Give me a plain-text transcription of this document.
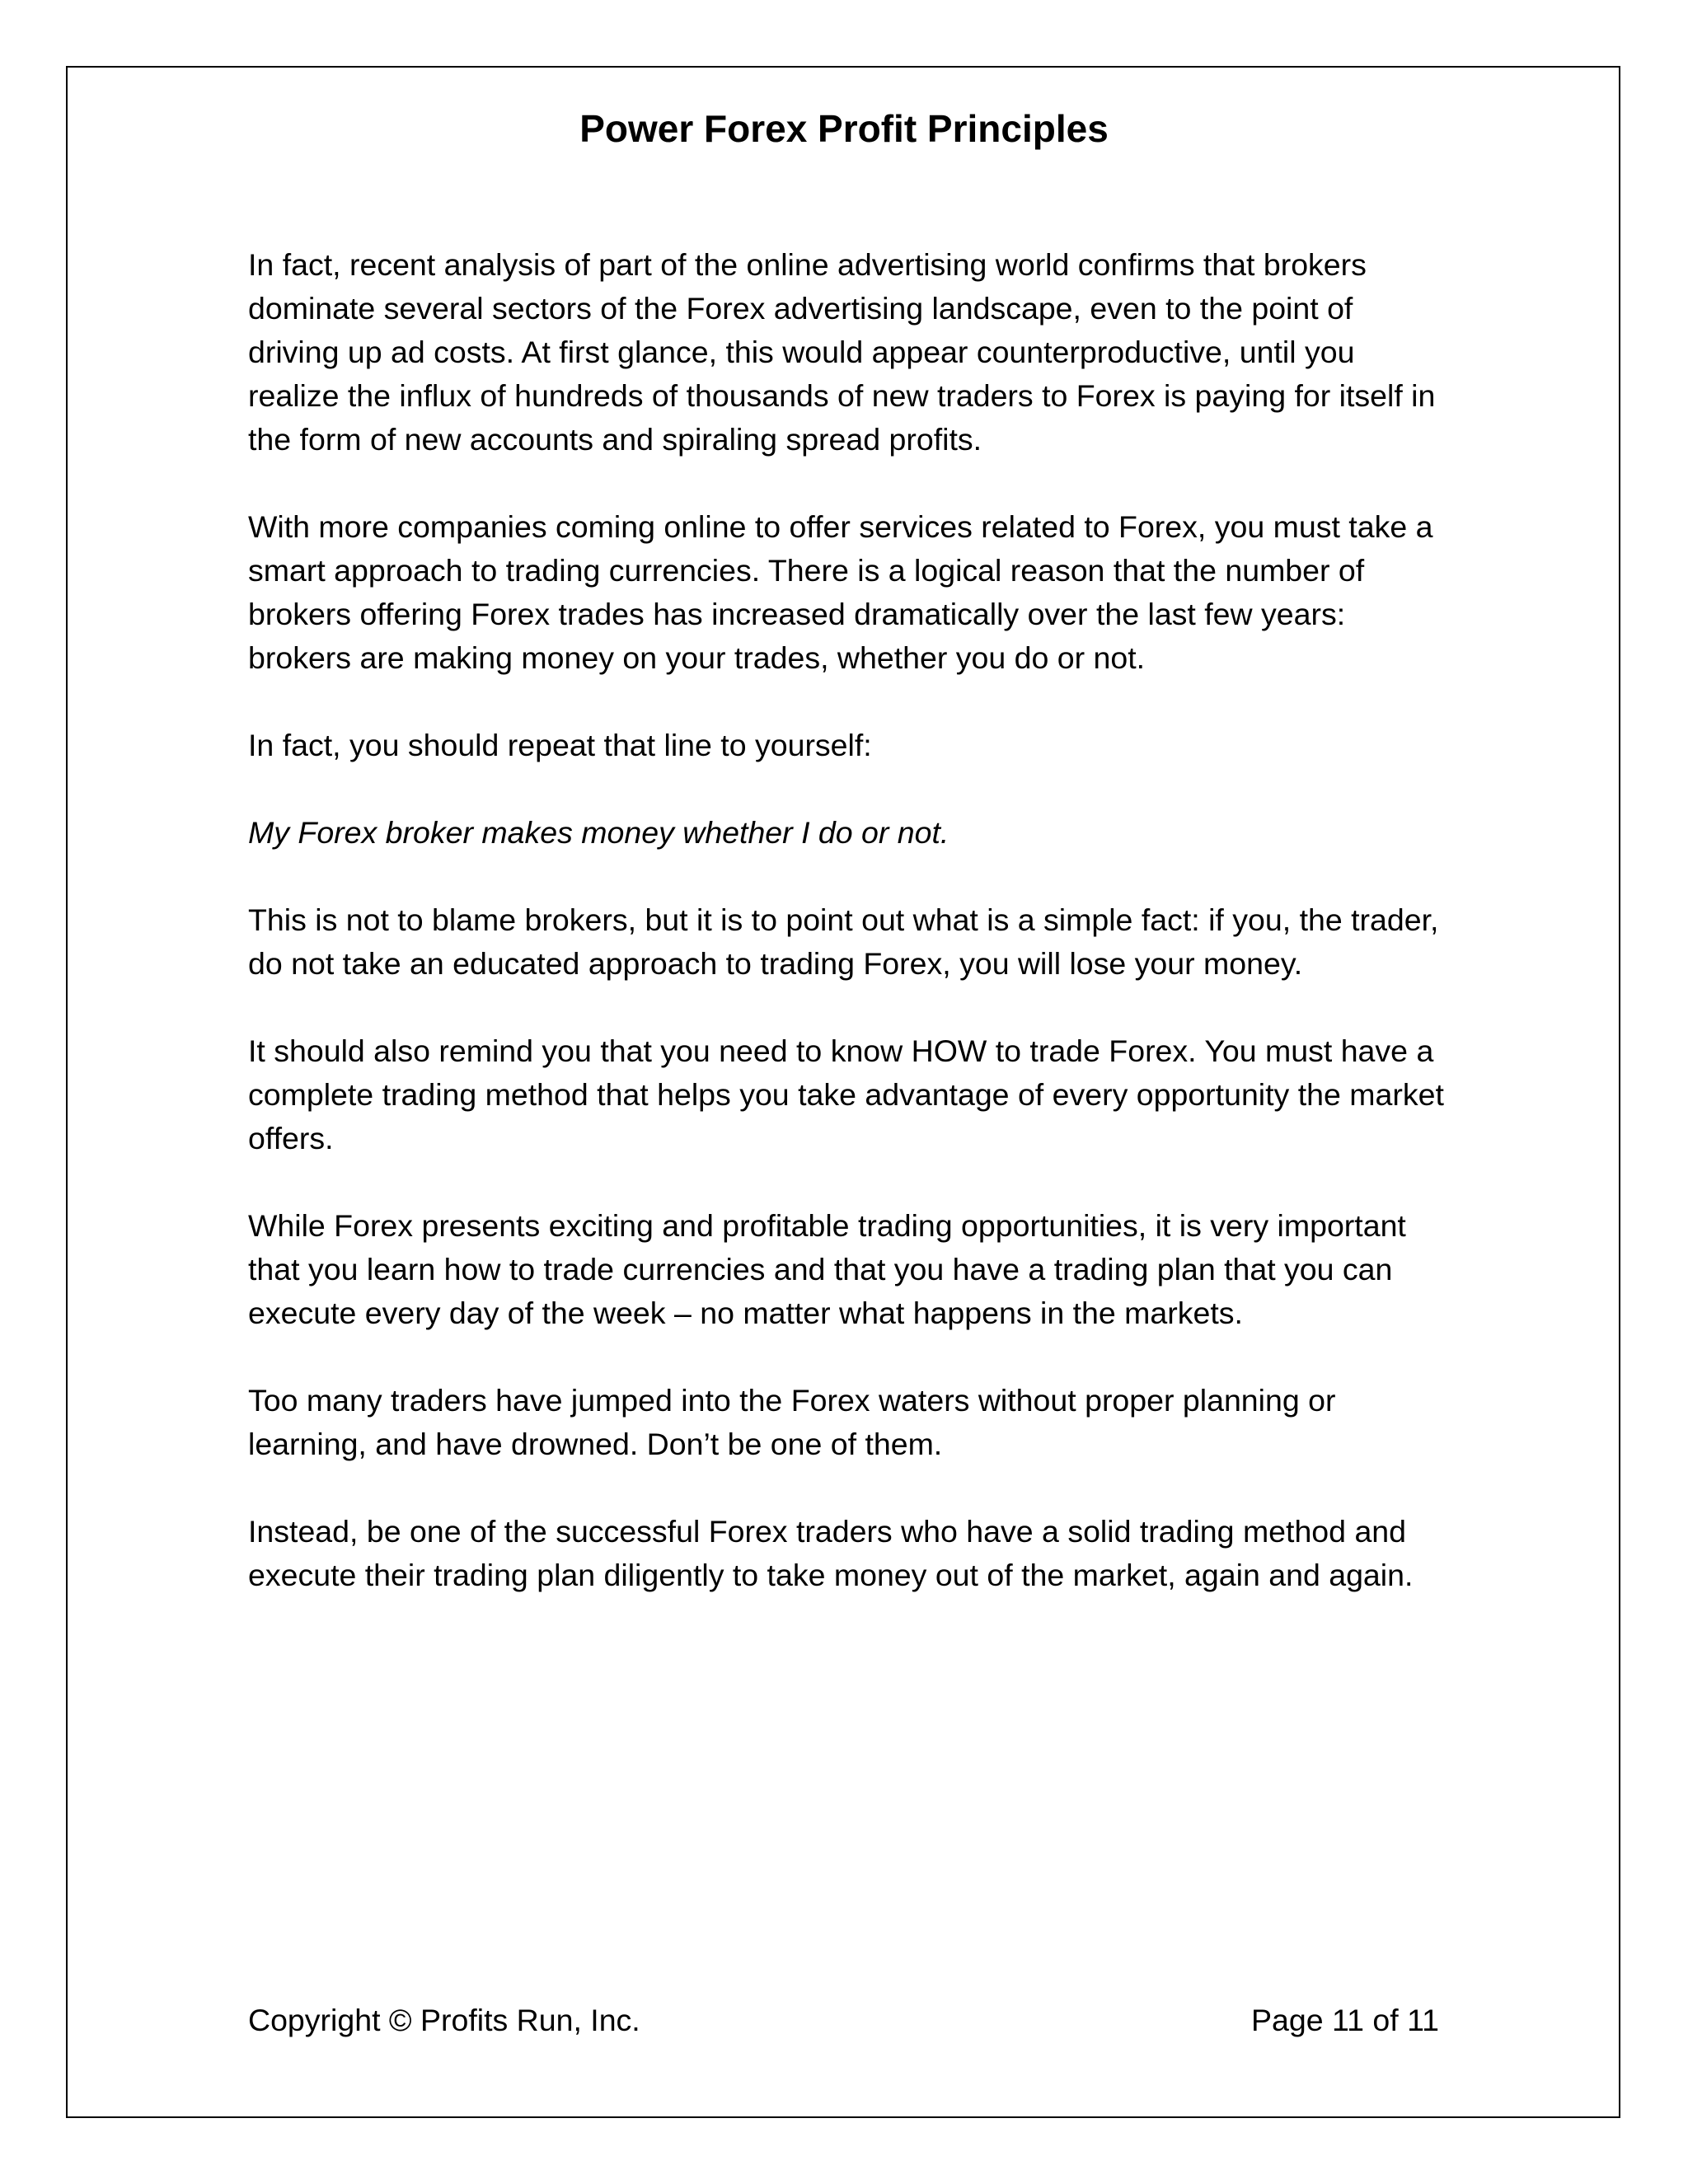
Power Forex Profit Principles

In fact, recent analysis of part of the online advertising world confirms that brokers dominate several sectors of the Forex advertising landscape, even to the point of driving up ad costs. At first glance, this would appear counterproductive, until you realize the influx of hundreds of thousands of new traders to Forex is paying for itself in the form of new accounts and spiraling spread profits.

With more companies coming online to offer services related to Forex, you must take a smart approach to trading currencies. There is a logical reason that the number of brokers offering Forex trades has increased dramatically over the last few years: brokers are making money on your trades, whether you do or not.

In fact, you should repeat that line to yourself:

My Forex broker makes money whether I do or not.

This is not to blame brokers, but it is to point out what is a simple fact: if you, the trader, do not take an educated approach to trading Forex, you will lose your money.

It should also remind you that you need to know HOW to trade Forex. You must have a complete trading method that helps you take advantage of every opportunity the market offers.

While Forex presents exciting and profitable trading opportunities, it is very important that you learn how to trade currencies and that you have a trading plan that you can execute every day of the week – no matter what happens in the markets.

Too many traders have jumped into the Forex waters without proper planning or learning, and have drowned. Don’t be one of them.

Instead, be one of the successful Forex traders who have a solid trading method and execute their trading plan diligently to take money out of the market, again and again.

Copyright © Profits Run, Inc.	Page 11 of 11
